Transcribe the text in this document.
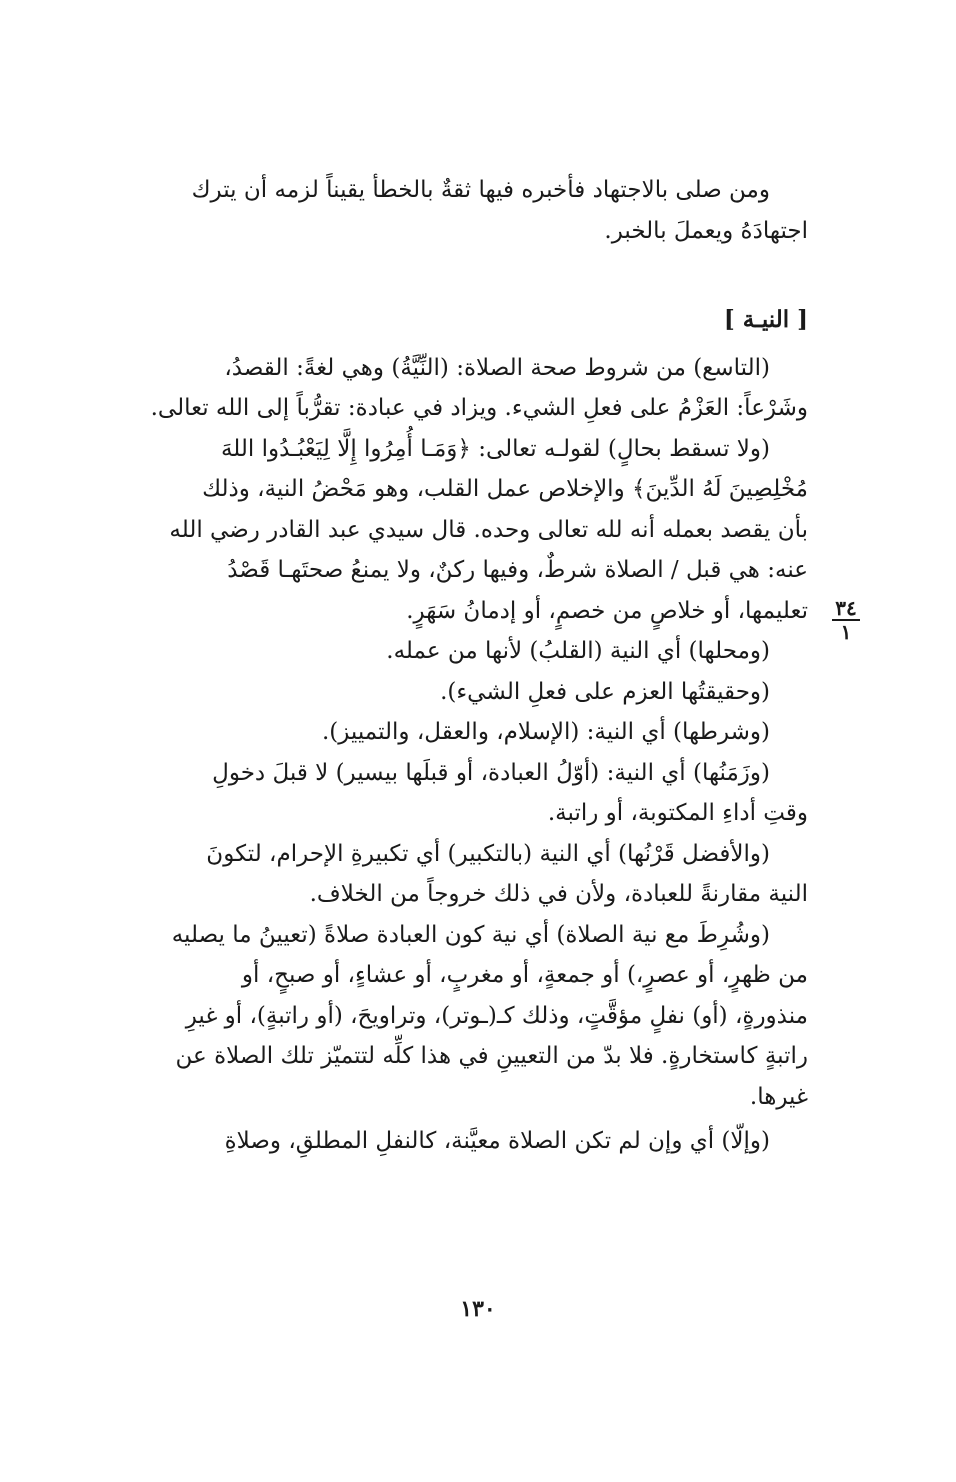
ومن صلى بالاجتهاد فأخبره فيها ثقةٌ بالخطأ يقيناً لزمه أن يترك

اجتهادَهُ ويعملَ بالخبر.

[ النيـة ]

(التاسع) من شروط صحة الصلاة: (النِّيَّةُ) وهي لغةً: القصدُ،

وشَرْعاً: العَزْمُ على فعلِ الشيء. ويزاد في عبادة: تقرُّباً إلى الله تعالى.

(ولا تسقط بحالٍ) لقولـه تعالى: ﴿وَمَـا أُمِرُوا إِلَّا لِيَعْبُـدُوا اللهَ

مُخْلِصِينَ لَهُ الدِّينَ﴾ والإخلاص عمل القلب، وهو مَحْضُ النية، وذلك

بأن يقصد بعمله أنه لله تعالى وحده. قال سيدي عبد القادر رضي الله

عنه: هي قبل / الصلاة شرطٌ، وفيها ركنٌ، ولا يمنعُ صحتَهـا قَصْدُ

تعليمها، أو خلاصٍ من خصمٍ، أو إدمانُ سَهَرٍ.

(ومحلها) أي النية (القلبُ) لأنها من عمله.

(وحقيقتُها العزم على فعلِ الشيء).

(وشرطها) أي النية: (الإسلام، والعقل، والتمييز).

(وزَمَنُها) أي النية: (أوّلُ العبادة، أو قبلَها بيسير) لا قبلَ دخولِ

وقتِ أداءِ المكتوبة، أو راتبة.

(والأفضل قَرْنُها) أي النية (بالتكبير) أي تكبيرةِ الإحرام، لتكونَ

النية مقارنةً للعبادة، ولأن في ذلك خروجاً من الخلاف.

(وشُرِطَ مع نية الصلاة) أي نية كون العبادة صلاةً (تعيينُ ما يصليه

من ظهرٍ، أو عصرٍ،) أو جمعةٍ، أو مغربٍ، أو عشاءٍ، أو صبحٍ، أو

منذورةٍ، (أو) نفلٍ مؤقَّتٍ، وذلك كـ(ـوتر)، وتراويحَ، (أو راتبةٍ)، أو غيرِ

راتبةٍ كاستخارةٍ. فلا بدّ من التعيينِ في هذا كلِّه لتتميّز تلك الصلاة عن

غيرها.

(وإلّا) أي وإن لم تكن الصلاة معيَّنة، كالنفلِ المطلقِ، وصلاةِ

٣٤
١
١٣٠
